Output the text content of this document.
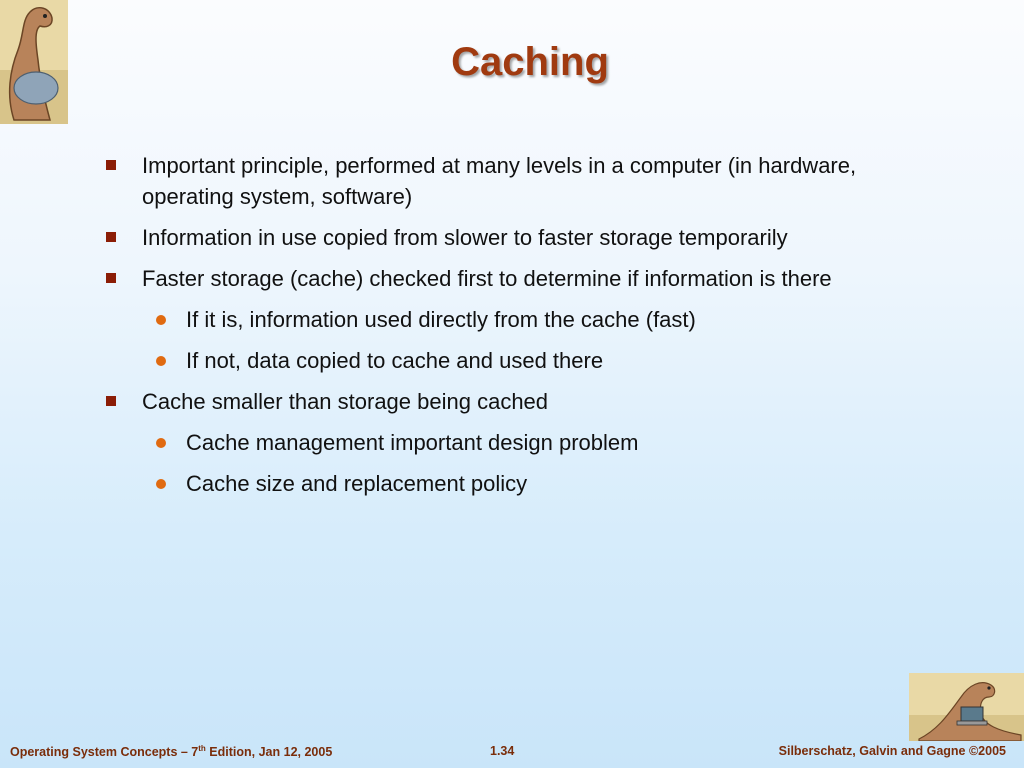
Caching
Important principle, performed at many levels in a computer (in hardware, operating system, software)
Information in use copied from slower to faster storage temporarily
Faster storage (cache) checked first to determine if information is there
If it is, information used directly from the cache (fast)
If not, data copied to cache and used there
Cache smaller than storage being cached
Cache management important design problem
Cache size and replacement policy
Operating System Concepts – 7th Edition, Jan 12, 2005	1.34	Silberschatz, Galvin and Gagne ©2005
